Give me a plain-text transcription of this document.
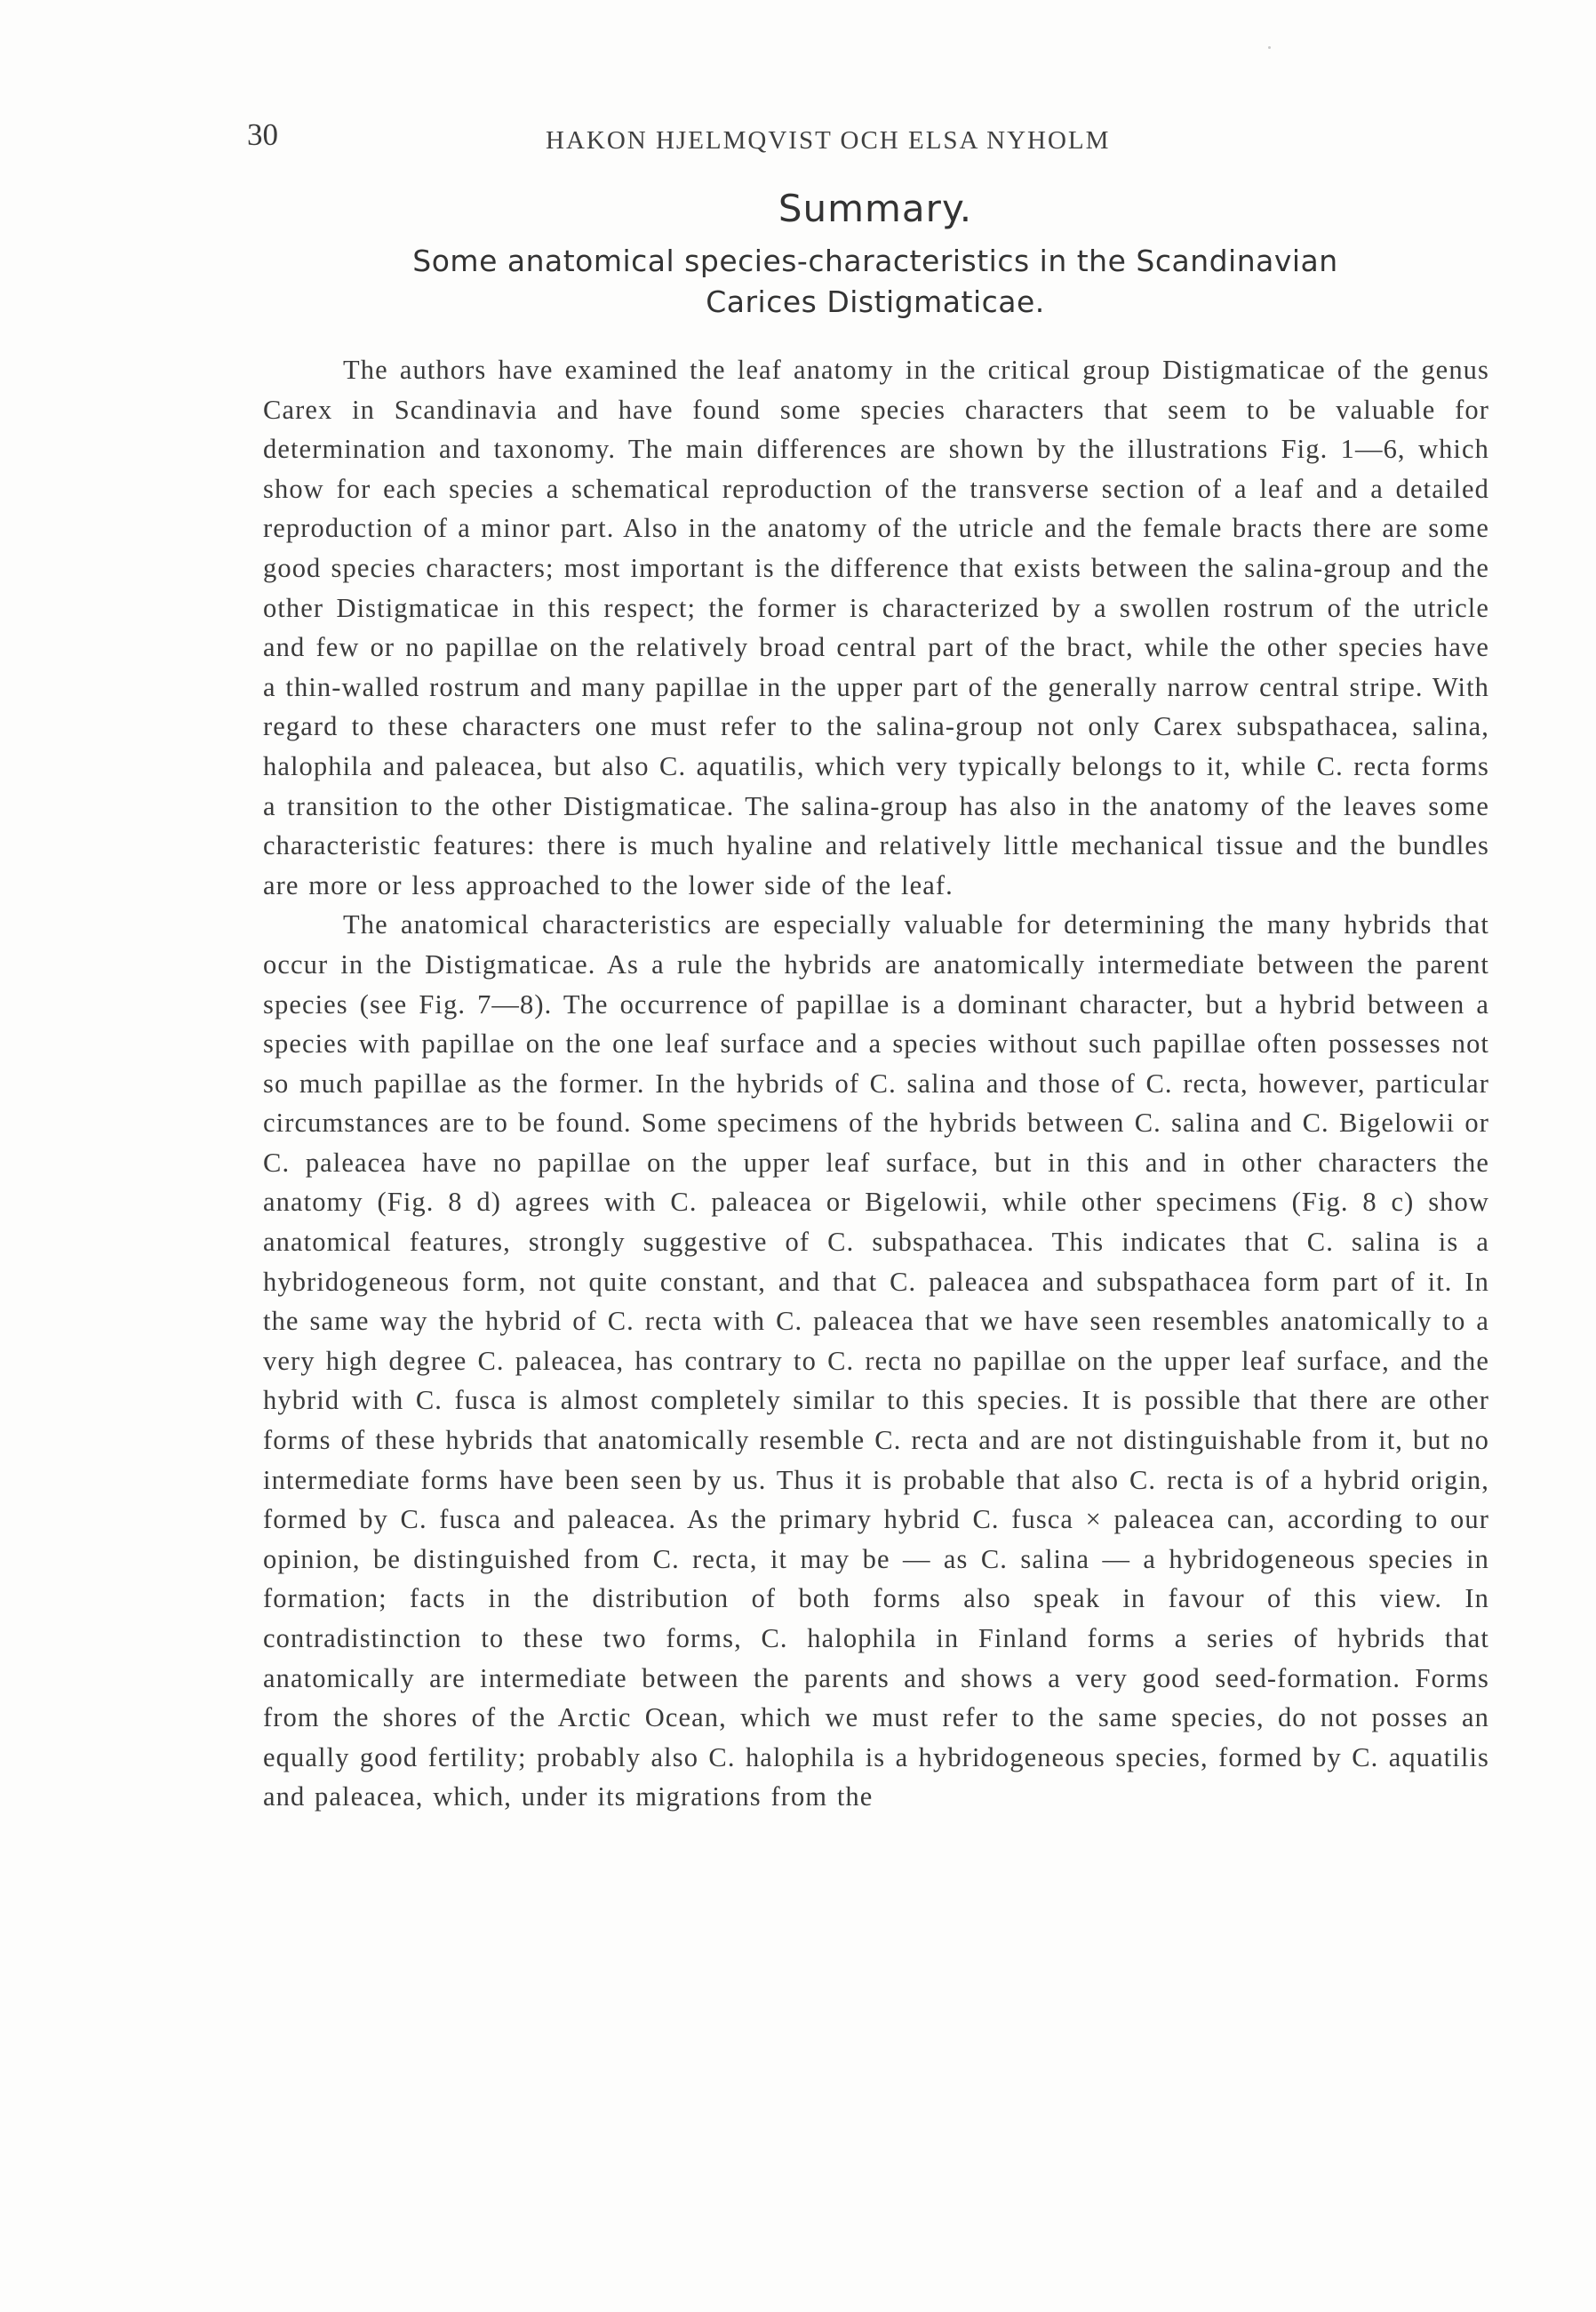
30	HAKON HJELMQVIST OCH ELSA NYHOLM
Summary.
Some anatomical species-characteristics in the Scandinavian
Carices Distigmaticae.

The authors have examined the leaf anatomy in the critical group Distigmaticae of the genus Carex in Scandinavia and have found some species characters that seem to be valuable for determination and taxonomy. The main differences are shown by the illustrations Fig. 1—6, which show for each species a schematical reproduction of the transverse section of a leaf and a detailed reproduction of a minor part. Also in the anatomy of the utricle and the female bracts there are some good species characters; most important is the difference that exists between the salina-group and the other Distigmaticae in this respect; the former is characterized by a swollen rostrum of the utricle and few or no papillae on the relatively broad central part of the bract, while the other species have a thin-walled rostrum and many papillae in the upper part of the generally narrow central stripe. With regard to these characters one must refer to the salina-group not only Carex subspathacea, salina, halophila and paleacea, but also C. aquatilis, which very typically belongs to it, while C. recta forms a transition to the other Distigmaticae. The salina-group has also in the anatomy of the leaves some characteristic features: there is much hyaline and relatively little mechanical tissue and the bundles are more or less approached to the lower side of the leaf.

The anatomical characteristics are especially valuable for determining the many hybrids that occur in the Distigmaticae. As a rule the hybrids are anatomically intermediate between the parent species (see Fig. 7—8). The occurrence of papillae is a dominant character, but a hybrid between a species with papillae on the one leaf surface and a species without such papillae often possesses not so much papillae as the former. In the hybrids of C. salina and those of C. recta, however, particular circumstances are to be found. Some specimens of the hybrids between C. salina and C. Bigelowii or C. paleacea have no papillae on the upper leaf surface, but in this and in other characters the anatomy (Fig. 8 d) agrees with C. paleacea or Bigelowii, while other specimens (Fig. 8 c) show anatomical features, strongly suggestive of C. subspathacea. This indicates that C. salina is a hybridogeneous form, not quite constant, and that C. paleacea and subspathacea form part of it. In the same way the hybrid of C. recta with C. paleacea that we have seen resembles anatomically to a very high degree C. paleacea, has contrary to C. recta no papillae on the upper leaf surface, and the hybrid with C. fusca is almost completely similar to this species. It is possible that there are other forms of these hybrids that anatomically resemble C. recta and are not distinguishable from it, but no intermediate forms have been seen by us. Thus it is probable that also C. recta is of a hybrid origin, formed by C. fusca and paleacea. As the primary hybrid C. fusca × paleacea can, according to our opinion, be distinguished from C. recta, it may be — as C. salina — a hybridogeneous species in formation; facts in the distribution of both forms also speak in favour of this view. In contradistinction to these two forms, C. halophila in Finland forms a series of hybrids that anatomically are intermediate between the parents and shows a very good seed-formation. Forms from the shores of the Arctic Ocean, which we must refer to the same species, do not posses an equally good fertility; probably also C. halophila is a hybridogeneous species, formed by C. aquatilis and paleacea, which, under its migrations from the
